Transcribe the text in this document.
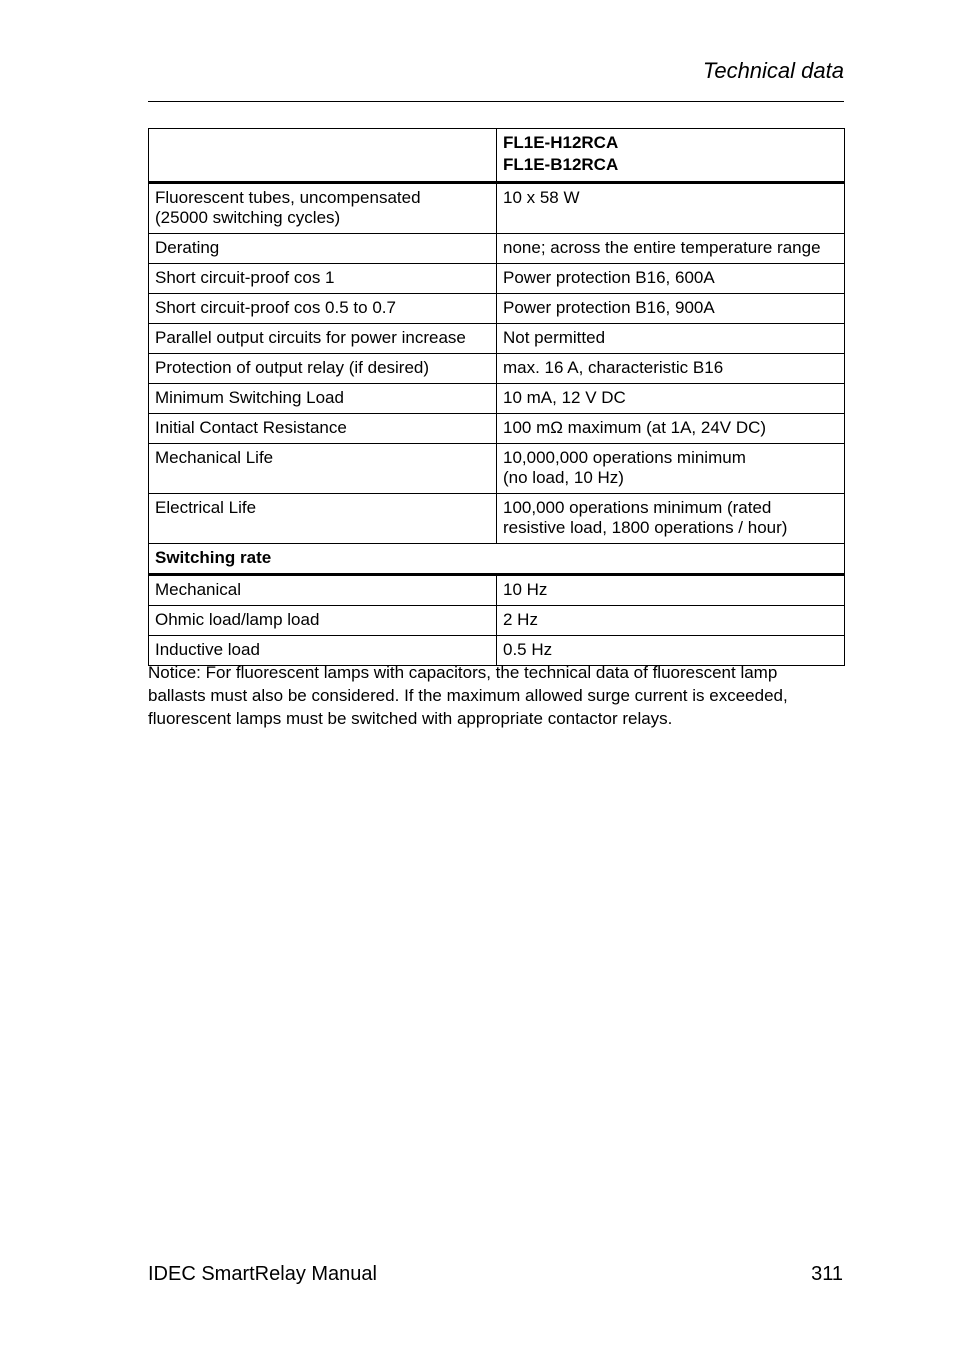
Technical data

	FL1E-H12RCA
FL1E-B12RCA

Fluorescent tubes, uncompensated
(25000 switching cycles)	10 x 58 W

Derating	none; across the entire temperature range
Short circuit-proof cos 1	Power protection B16, 600A
Short circuit-proof cos 0.5 to 0.7	Power protection B16, 900A
Parallel output circuits for power increase	Not permitted
Protection of output relay (if desired)	max. 16 A, characteristic B16
Minimum Switching Load	10 mA, 12 V DC
Initial Contact Resistance	100 mΩ maximum (at 1A, 24V DC)
Mechanical Life	10,000,000 operations minimum
(no load, 10 Hz)

Electrical Life	100,000 operations minimum (rated
resistive load, 1800 operations / hour)

Switching rate	
Mechanical	10 Hz
Ohmic load/lamp load	2 Hz
Inductive load	0.5 Hz
Notice: For fluorescent lamps with capacitors, the technical data of fluorescent lamp
ballasts must also be considered. If the maximum allowed surge current is exceeded,
fluorescent lamps must be switched with appropriate contactor relays.
IDEC SmartRelay Manual	311
